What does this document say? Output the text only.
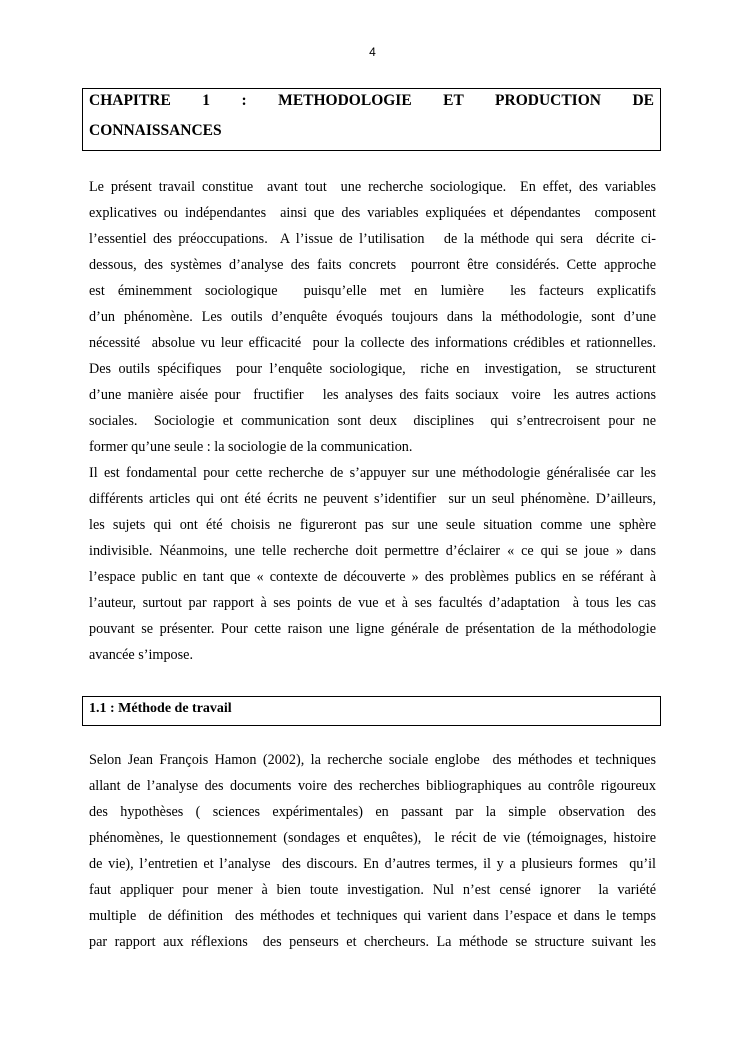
4
CHAPITRE 1 : METHODOLOGIE ET PRODUCTION DE
CONNAISSANCES
Le présent travail constitue  avant tout  une recherche sociologique.  En effet, des variables
explicatives ou indépendantes  ainsi que des variables expliquées et dépendantes  composent
l’essentiel des préoccupations.  A l’issue de l’utilisation   de la méthode qui sera  décrite ci-
dessous, des systèmes d’analyse des faits concrets  pourront être considérés. Cette approche
est éminemment sociologique  puisqu’elle met en lumière  les facteurs explicatifs
d’un phénomène. Les outils d’enquête évoqués toujours dans la méthodologie, sont d’une
nécessité  absolue vu leur efficacité  pour la collecte des informations crédibles et rationnelles.
Des outils spécifiques  pour l’enquête sociologique,  riche en  investigation,  se structurent
d’une manière aisée pour  fructifier   les analyses des faits sociaux  voire  les autres actions
sociales.  Sociologie et communication sont deux  disciplines  qui s’entrecroisent pour ne
former qu’une seule : la sociologie de la communication.
Il est fondamental pour cette recherche de s’appuyer sur une méthodologie généralisée car les
différents articles qui ont été écrits ne peuvent s’identifier  sur un seul phénomène. D’ailleurs,
les sujets qui ont été choisis ne figureront pas sur une seule situation comme une sphère
indivisible. Néanmoins, une telle recherche doit permettre d’éclairer « ce qui se joue » dans
l’espace public en tant que « contexte de découverte » des problèmes publics en se référant à
l’auteur, surtout par rapport à ses points de vue et à ses facultés d’adaptation  à tous les cas
pouvant se présenter. Pour cette raison une ligne générale de présentation de la méthodologie
avancée s’impose.
1.1 : Méthode de travail
Selon Jean François Hamon (2002), la recherche sociale englobe  des méthodes et techniques
allant de l’analyse des documents voire des recherches bibliographiques au contrôle rigoureux
des hypothèses ( sciences expérimentales) en passant par la simple observation des
phénomènes, le questionnement (sondages et enquêtes),  le récit de vie (témoignages, histoire
de vie), l’entretien et l’analyse  des discours. En d’autres termes, il y a plusieurs formes  qu’il
faut appliquer pour mener à bien toute investigation. Nul n’est censé ignorer  la variété
multiple  de définition  des méthodes et techniques qui varient dans l’espace et dans le temps
par rapport aux réflexions  des penseurs et chercheurs. La méthode se structure suivant les
